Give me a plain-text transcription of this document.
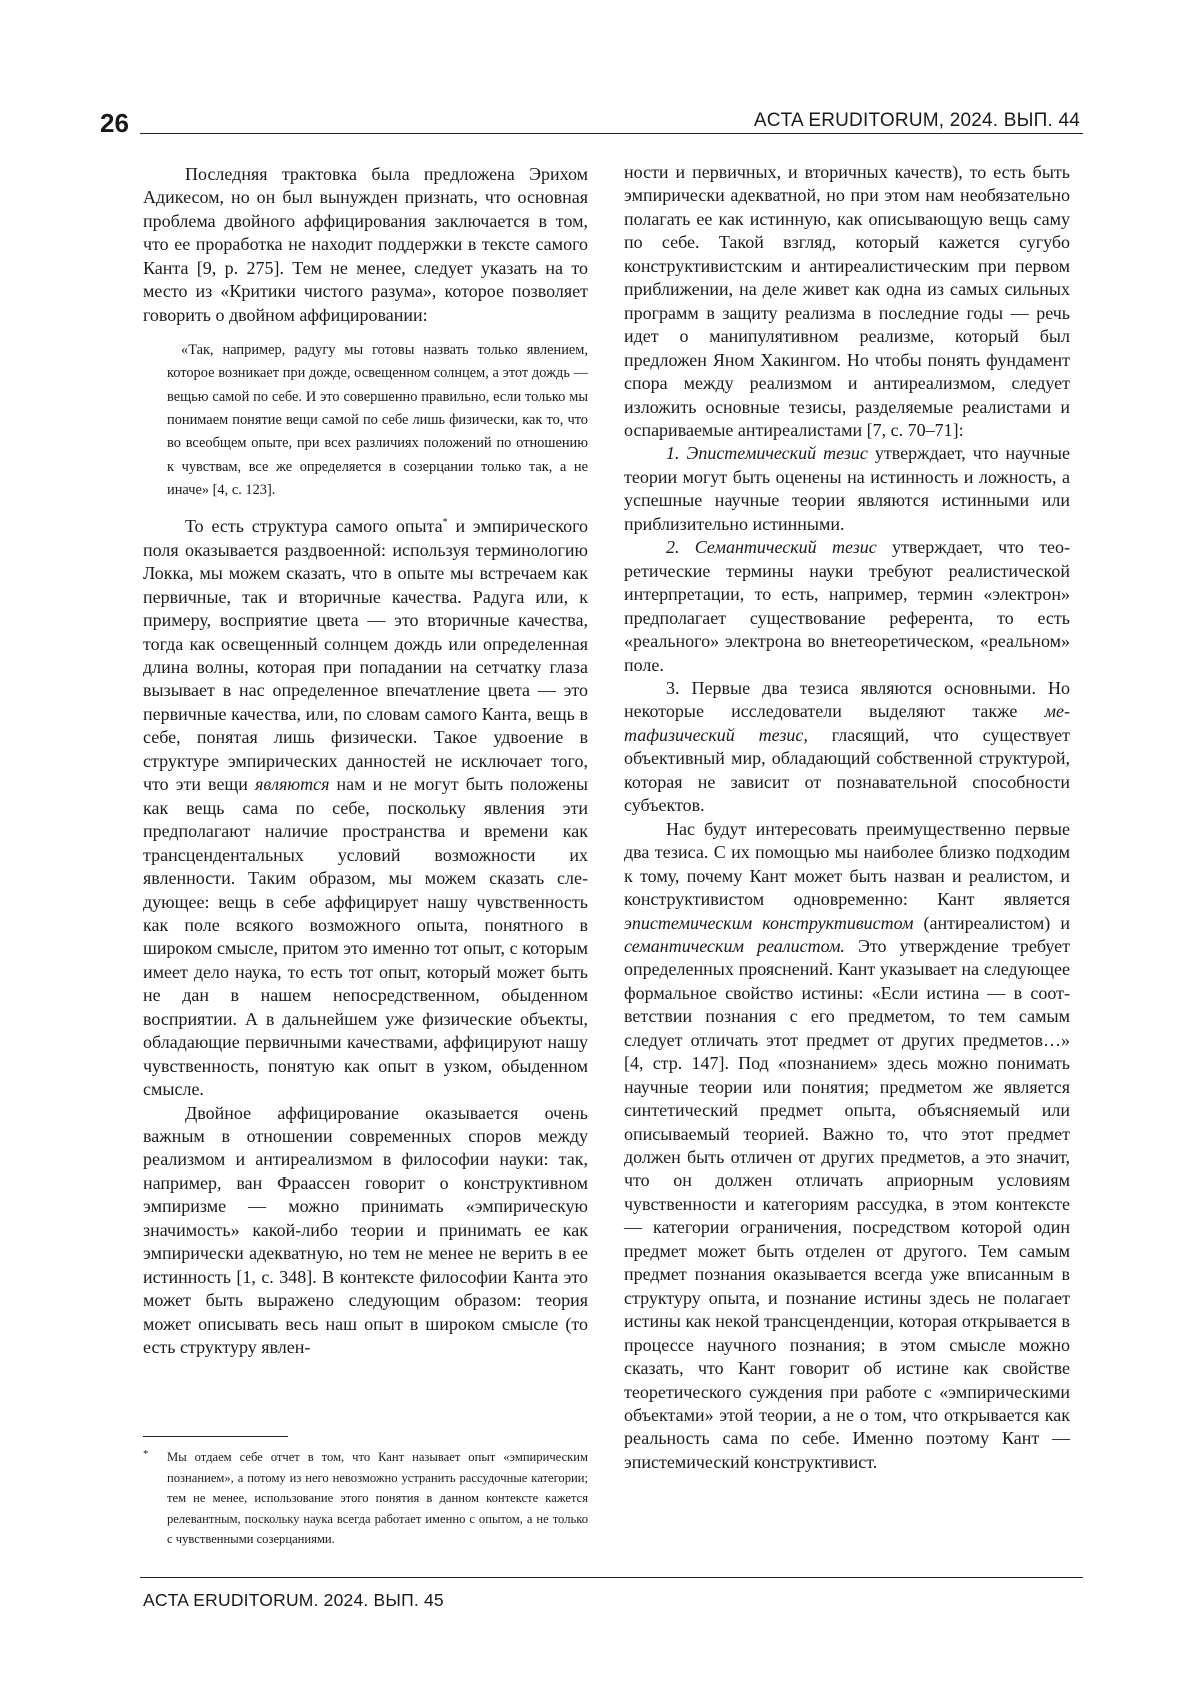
26	ACTA ERUDITORUM, 2024. ВЫП. 44

Последняя трактовка была предложена Эрихом Адикесом, но он был вынужден признать, что основная проблема двойного аффицирования заключается в том, что ее проработка не находит поддержки в тексте самого Канта [9, p. 275]. Тем не менее, следует указать на то место из «Критики чистого разума», которое позволяет говорить о двойном аффицировании:

«Так, например, радугу мы готовы назвать только явлением, которое возникает при дожде, освещенном солнцем, а этот дождь — вещью самой по себе. И это совершенно правильно, если только мы понимаем понятие вещи самой по себе лишь физически, как то, что во всеобщем опыте, при всех различиях положений по отношению к чувствам, все же определяется в созерцании только так, а не иначе» [4, с. 123].

То есть структура самого опыта* и эмпирического поля оказывается раздвоенной: используя терминологию Локка, мы можем сказать, что в опыте мы встречаем как первичные, так и вторичные качества. Радуга или, к примеру, восприятие цвета — это вторичные качества, тогда как освещенный солнцем дождь или определенная длина волны, которая при попадании на сетчатку глаза вызывает в нас определенное впечатление цвета — это первичные качества, или, по словам самого Канта, вещь в себе, понятая лишь физически. Такое удвоение в структуре эмпирических данностей не исключает того, что эти вещи являются нам и не могут быть положены как вещь сама по себе, поскольку явления эти предполагают наличие пространства и времени как трансцендентальных условий возможности их явленности. Таким образом, мы можем сказать следующее: вещь в себе аффицирует нашу чувственность как поле всякого возможного опыта, понятного в широком смысле, притом это именно тот опыт, с которым имеет дело наука, то есть тот опыт, который может быть не дан в нашем непосредственном, обыденном восприятии. А в дальнейшем уже физические объекты, обладающие первичными качествами, аффицируют нашу чувственность, понятую как опыт в узком, обыденном смысле.

Двойное аффицирование оказывается очень важным в отношении современных споров между реализмом и антиреализмом в философии науки: так, например, ван Фраассен говорит о конструктивном эмпиризме — можно принимать «эмпирическую значимость» какой-либо теории и принимать ее как эмпирически адекватную, но тем не менее не верить в ее истинность [1, с. 348]. В контексте философии Канта это может быть выражено следующим образом: теория может описывать весь наш опыт в широком смысле (то есть структуру явлен-

* Мы отдаем себе отчет в том, что Кант называет опыт «эмпирическим познанием», а потому из него невозможно устранить рассудочные категории; тем не менее, использование этого понятия в данном контексте кажется релевантным, поскольку наука всегда работает именно с опытом, а не только с чувственными созерцаниями.

ности и первичных, и вторичных качеств), то есть быть эмпирически адекватной, но при этом нам необязательно полагать ее как истинную, как описывающую вещь саму по себе. Такой взгляд, который кажется сугубо конструктивистским и антиреалистическим при первом приближении, на деле живет как одна из самых сильных программ в защиту реализма в последние годы — речь идет о манипулятивном реализме, который был предложен Яном Хакингом. Но чтобы понять фундамент спора между реализмом и антиреализмом, следует изложить основные тезисы, разделяемые реалистами и оспариваемые антиреалистами [7, с. 70–71]:

1. Эпистемический тезис утверждает, что научные теории могут быть оценены на истинность и ложность, а успешные научные теории являются истинными или приблизительно истинными.

2. Семантический тезис утверждает, что теоретические термины науки требуют реалистической интерпретации, то есть, например, термин «электрон» предполагает существование референта, то есть «реального» электрона во внетеоретическом, «реальном» поле.

3. Первые два тезиса являются основными. Но некоторые исследователи выделяют также метафизический тезис, гласящий, что существует объективный мир, обладающий собственной структурой, которая не зависит от познавательной способности субъектов.

Нас будут интересовать преимущественно первые два тезиса. С их помощью мы наиболее близко подходим к тому, почему Кант может быть назван и реалистом, и конструктивистом одновременно: Кант является эпистемическим конструктивистом (антиреалистом) и семантическим реалистом. Это утверждение требует определенных прояснений. Кант указывает на следующее формальное свойство истины: «Если истина — в соответствии познания с его предметом, то тем самым следует отличать этот предмет от других предметов…» [4, стр. 147]. Под «познанием» здесь можно понимать научные теории или понятия; предметом же является синтетический предмет опыта, объясняемый или описываемый теорией. Важно то, что этот предмет должен быть отличен от других предметов, а это значит, что он должен отличать априорным условиям чувственности и категориям рассудка, в этом контексте — категории ограничения, посредством которой один предмет может быть отделен от другого. Тем самым предмет познания оказывается всегда уже вписанным в структуру опыта, и познание истины здесь не полагает истины как некой трансценденции, которая открывается в процессе научного познания; в этом смысле можно сказать, что Кант говорит об истине как свойстве теоретического суждения при работе с «эмпирическими объектами» этой теории, а не о том, что открывается как реальность сама по себе. Именно поэтому Кант — эпистемический конструктивист.

ACTA ERUDITORUM. 2024. ВЫП. 45
